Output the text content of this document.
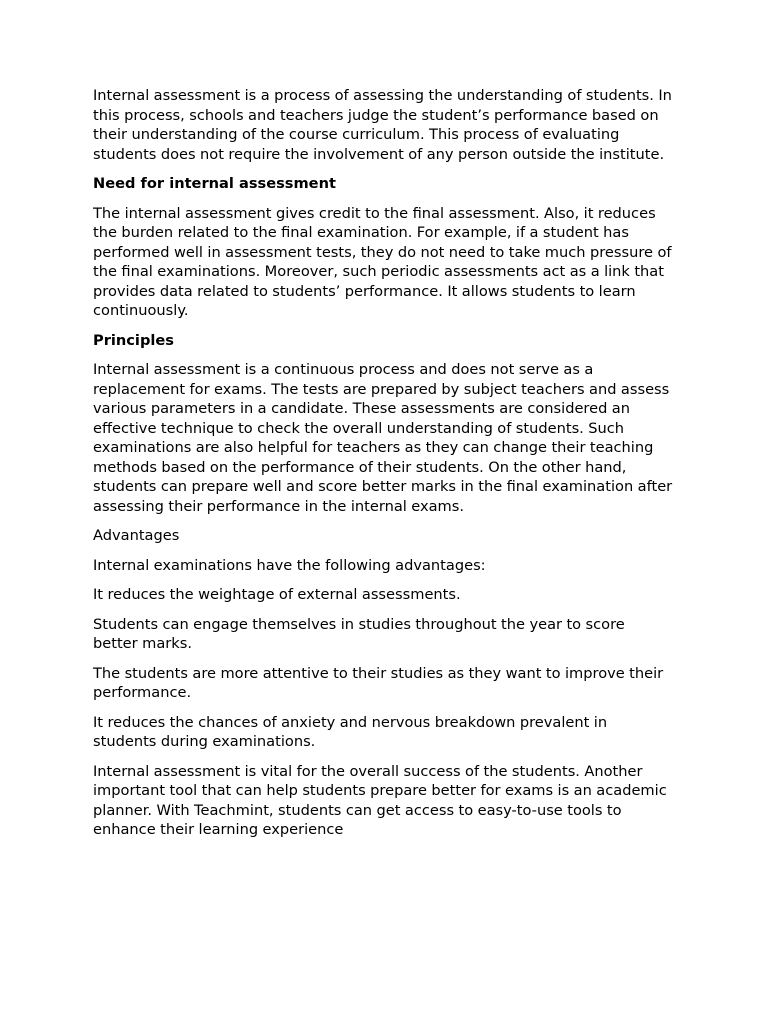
Internal assessment is a process of assessing the understanding of students. In this process, schools and teachers judge the student’s performance based on their understanding of the course curriculum. This process of evaluating students does not require the involvement of any person outside the institute.

Need for internal assessment

The internal assessment gives credit to the final assessment. Also, it reduces the burden related to the final examination. For example, if a student has performed well in assessment tests, they do not need to take much pressure of the final examinations. Moreover, such periodic assessments act as a link that provides data related to students’ performance. It allows students to learn continuously.

Principles

Internal assessment is a continuous process and does not serve as a replacement for exams. The tests are prepared by subject teachers and assess various parameters in a candidate. These assessments are considered an effective technique to check the overall understanding of students. Such examinations are also helpful for teachers as they can change their teaching methods based on the performance of their students. On the other hand, students can prepare well and score better marks in the final examination after assessing their performance in the internal exams.

Advantages

Internal examinations have the following advantages:

It reduces the weightage of external assessments.

Students can engage themselves in studies throughout the year to score better marks.

The students are more attentive to their studies as they want to improve their performance.

It reduces the chances of anxiety and nervous breakdown prevalent in students during examinations.

Internal assessment is vital for the overall success of the students. Another important tool that can help students prepare better for exams is an academic planner. With Teachmint, students can get access to easy-to-use tools to enhance their learning experience
